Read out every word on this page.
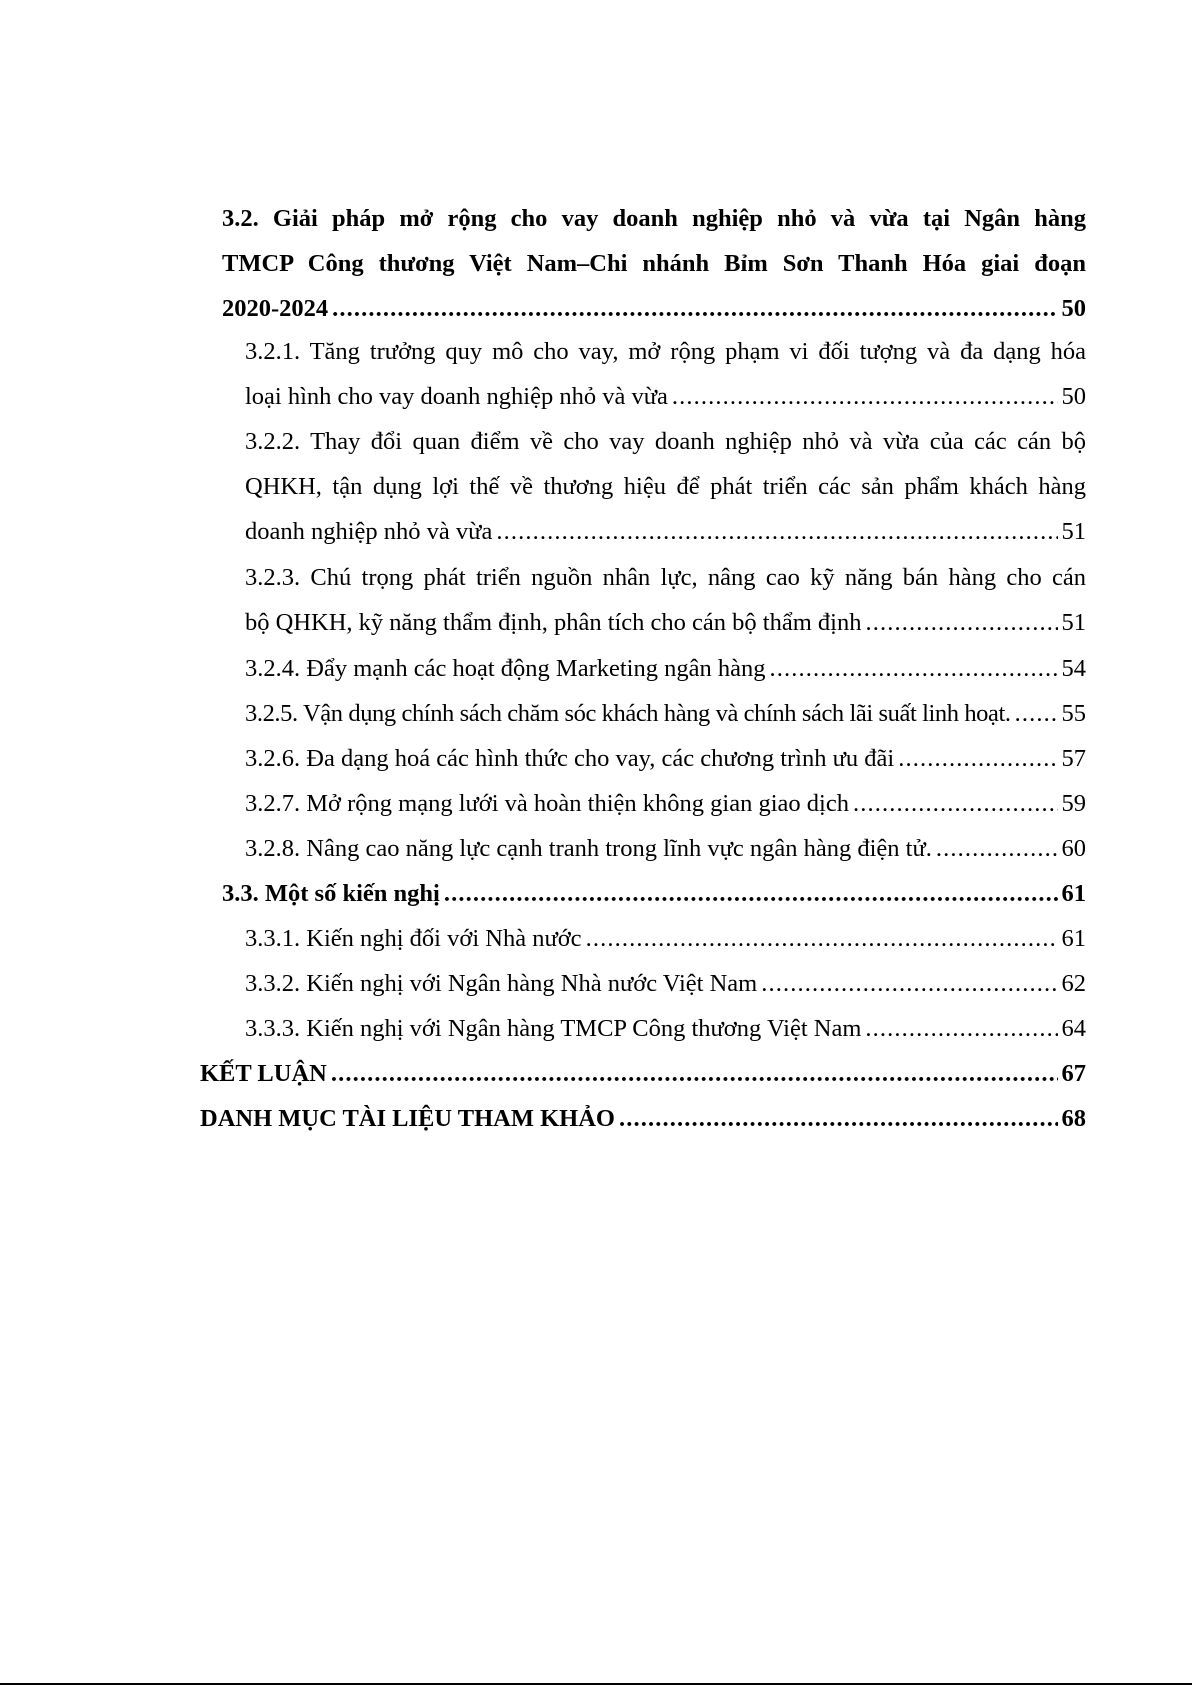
3.2. Giải pháp mở rộng cho vay doanh nghiệp nhỏ và vừa tại Ngân hàng
TMCP Công thương Việt Nam–Chi nhánh Bỉm Sơn Thanh Hóa giai đoạn
2020-2024 . . .	50
3.2.1. Tăng trưởng quy mô cho vay, mở rộng phạm vi đối tượng và đa dạng hóa
loại hình cho vay doanh nghiệp nhỏ và vừa . . .	50
3.2.2. Thay đổi quan điểm về cho vay doanh nghiệp nhỏ và vừa của các cán bộ
QHKH, tận dụng lợi thế về thương hiệu để phát triển các sản phẩm khách hàng
doanh nghiệp nhỏ và vừa . . .	51
3.2.3. Chú trọng phát triển nguồn nhân lực, nâng cao kỹ năng bán hàng cho cán
bộ QHKH, kỹ năng thẩm định, phân tích cho cán bộ thẩm định . . .	51
3.2.4. Đẩy mạnh các hoạt động Marketing ngân hàng . . .	54
3.2.5. Vận dụng chính sách chăm sóc khách hàng và chính sách lãi suất linh hoạt. . . . 55
3.2.6. Đa dạng hoá các hình thức cho vay, các chương trình ưu đãi . . .	57
3.2.7. Mở rộng mạng lưới và hoàn thiện không gian giao dịch . . .	59
3.2.8. Nâng cao năng lực cạnh tranh trong lĩnh vực ngân hàng điện tử. . . .	60
3.3. Một số kiến nghị . . .	61
3.3.1. Kiến nghị đối với Nhà nước . . .	61
3.3.2. Kiến nghị với Ngân hàng Nhà nước Việt Nam . . .	62
3.3.3. Kiến nghị với Ngân hàng TMCP Công thương Việt Nam . . .	64
KẾT LUẬN . . .	67
DANH MỤC TÀI LIỆU THAM KHẢO . . .	68
